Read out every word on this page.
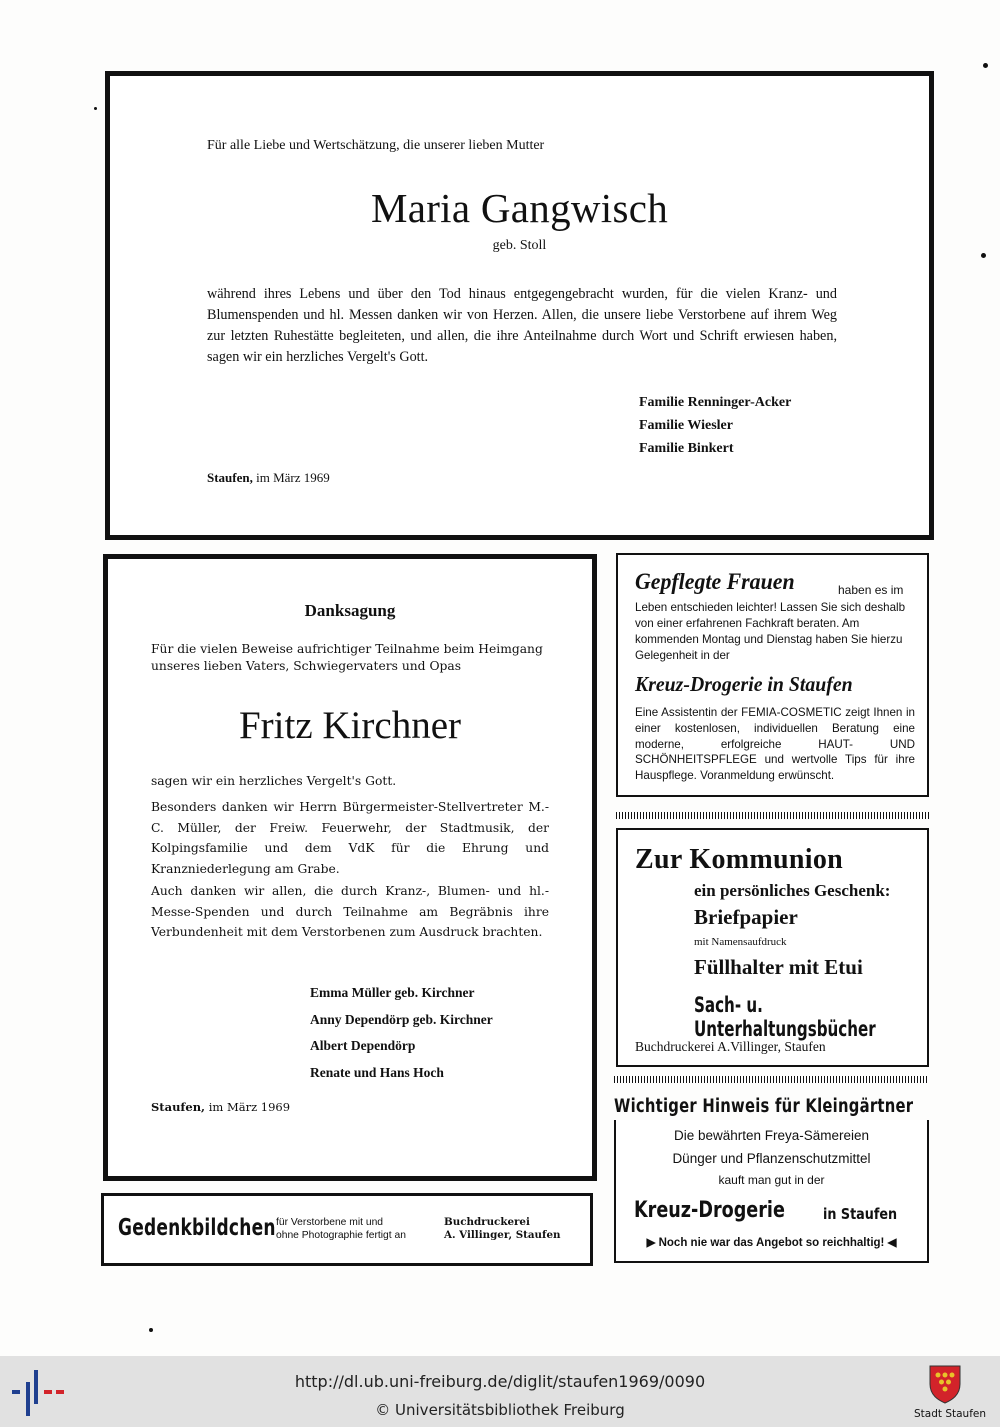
Für alle Liebe und Wertschätzung, die unserer lieben Mutter
Maria Gangwisch
geb. Stoll
während ihres Lebens und über den Tod hinaus entgegengebracht wurden, für die vielen Kranz- und Blumenspenden und hl. Messen danken wir von Herzen. Allen, die unsere liebe Verstorbene auf ihrem Weg zur letzten Ruhestätte begleiteten, und allen, die ihre Anteilnahme durch Wort und Schrift erwiesen haben, sagen wir ein herzliches Vergelt's Gott.
Familie Renninger-Acker
Familie Wiesler
Familie Binkert
Staufen, im März 1969
Danksagung
Für die vielen Beweise aufrichtiger Teilnahme beim Heimgang
unseres lieben Vaters, Schwiegervaters und Opas
Fritz Kirchner
sagen wir ein herzliches Vergelt's Gott.
Besonders danken wir Herrn Bürgermeister-Stellvertreter M.-C. Müller, der Freiw. Feuerwehr, der Stadtmusik, der Kolpingsfamilie und dem VdK für die Ehrung und Kranzniederlegung am Grabe.
Auch danken wir allen, die durch Kranz-, Blumen- und hl.-Messe-Spenden und durch Teilnahme am Begräbnis ihre Verbundenheit mit dem Verstorbenen zum Ausdruck brachten.
Emma Müller geb. Kirchner
Anny Dependörp geb. Kirchner
Albert Dependörp
Renate und Hans Hoch
Staufen, im März 1969
Gedenkbildchen für Verstorbene mit und
ohne Photographie fertigt an
Buchdruckerei
A. Villinger, Staufen
Gepflegte Frauen	haben es im
Leben entschieden leichter! Lassen Sie sich deshalb von einer erfahrenen Fachkraft beraten. Am kommenden Montag und Dienstag haben Sie hierzu Gelegenheit in der
Kreuz-Drogerie in Staufen
Eine Assistentin der FEMIA-COSMETIC zeigt Ihnen in einer kostenlosen, individuellen Beratung eine moderne, erfolgreiche HAUT- UND SCHÖNHEITSPFLEGE und wertvolle Tips für ihre Hauspflege. Voranmeldung erwünscht.
Zur Kommunion
ein persönliches Geschenk:
Briefpapier
mit Namensaufdruck
Füllhalter mit Etui
Sach- u. Unterhaltungsbücher
Buchdruckerei A.Villinger, Staufen
Wichtiger Hinweis für Kleingärtner
Die bewährten Freya-Sämereien
Dünger und Pflanzenschutzmittel
kauft man gut in der
Kreuz-Drogerie	in Staufen
▶ Noch nie war das Angebot so reichhaltig! ◀
http://dl.ub.uni-freiburg.de/diglit/staufen1969/0090
© Universitätsbibliothek Freiburg	Stadt Staufen
